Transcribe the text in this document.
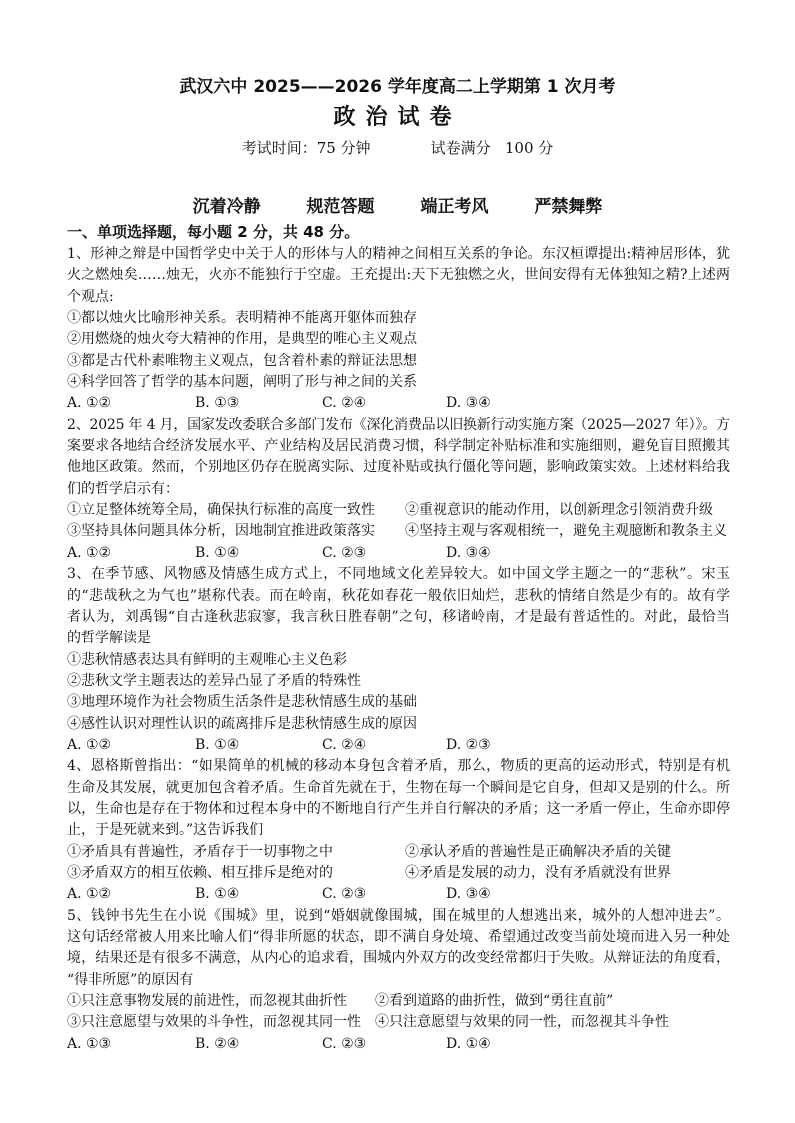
武汉六中 2025——2026 学年度高二上学期第 1 次月考
政治试卷
考试时间：75 分钟	试卷满分   100 分
沉着冷静	规范答题	端正考风	严禁舞弊
一、单项选择题，每小题 2 分，共 48 分。
1、形神之辩是中国哲学史中关于人的形体与人的精神之间相互关系的争论。东汉桓谭提出:精神居形体，犹
火之燃烛矣……烛无，火亦不能独行于空虚。王充提出:天下无独燃之火，世间安得有无体独知之精?上述两
个观点:
①都以烛火比喻形神关系。表明精神不能离开躯体而独存
②用燃烧的烛火夸大精神的作用，是典型的唯心主义观点
③都是古代朴素唯物主义观点，包含着朴素的辩证法思想
④科学回答了哲学的基本问题，阐明了形与神之间的关系
A. ①②	B. ①③	C. ②④	D. ③④
2、2025 年 4 月，国家发改委联合多部门发布《深化消费品以旧换新行动实施方案（2025—2027 年）》。方
案要求各地结合经济发展水平、产业结构及居民消费习惯，科学制定补贴标准和实施细则，避免盲目照搬其
他地区政策。然而，个别地区仍存在脱离实际、过度补贴或执行僵化等问题，影响政策实效。上述材料给我
们的哲学启示有：
①立足整体统筹全局，确保执行标准的高度一致性 ②重视意识的能动作用，以创新理念引领消费升级
③坚持具体问题具体分析，因地制宜推进政策落实 ④坚持主观与客观相统一，避免主观臆断和教条主义
A. ①②	B. ①④	C. ②③	D. ③④
3、在季节感、风物感及情感生成方式上，不同地域文化差异较大。如中国文学主题之一的“悲秋”。宋玉
的“悲哉秋之为气也”堪称代表。而在岭南，秋花如春花一般依旧灿烂，悲秋的情绪自然是少有的。故有学
者认为，刘禹锡“自古逢秋悲寂寥，我言秋日胜春朝”之句，移诸岭南，才是最有普适性的。对此，最恰当
的哲学解读是
①悲秋情感表达具有鲜明的主观唯心主义色彩
②悲秋文学主题表达的差异凸显了矛盾的特殊性
③地理环境作为社会物质生活条件是悲秋情感生成的基础
④感性认识对理性认识的疏离排斥是悲秋情感生成的原因
A. ①②	B. ①④	C. ②④	D. ②③
4、恩格斯曾指出：“如果简单的机械的移动本身包含着矛盾，那么，物质的更高的运动形式，特别是有机
生命及其发展，就更加包含着矛盾。生命首先就在于，生物在每一个瞬间是它自身，但却又是别的什么。所
以，生命也是存在于物体和过程本身中的不断地自行产生并自行解决的矛盾；这一矛盾一停止，生命亦即停
止，于是死就来到。”这告诉我们
①矛盾具有普遍性，矛盾存于一切事物之中	②承认矛盾的普遍性是正确解决矛盾的关键
③矛盾双方的相互依赖、相互排斥是绝对的	④矛盾是发展的动力，没有矛盾就没有世界
A. ①②	B. ①④	C. ②③	D. ③④
5、钱钟书先生在小说《围城》里，说到“婚姻就像围城，围在城里的人想逃出来，城外的人想冲进去”。
这句话经常被人用来比喻人们“得非所愿的状态，即不满自身处境、希望通过改变当前处境而进入另一种处
境，结果还是有很多不满意，从内心的追求看，围城内外双方的改变经常都归于失败。从辩证法的角度看，
“得非所愿”的原因有
①只注意事物发展的前进性，而忽视其曲折性 ②看到道路的曲折性，做到“勇往直前”
③只注意愿望与效果的斗争性，而忽视其同一性 ④只注意愿望与效果的同一性，而忽视其斗争性
A. ①③	B. ②④	C. ②③	D. ①④
